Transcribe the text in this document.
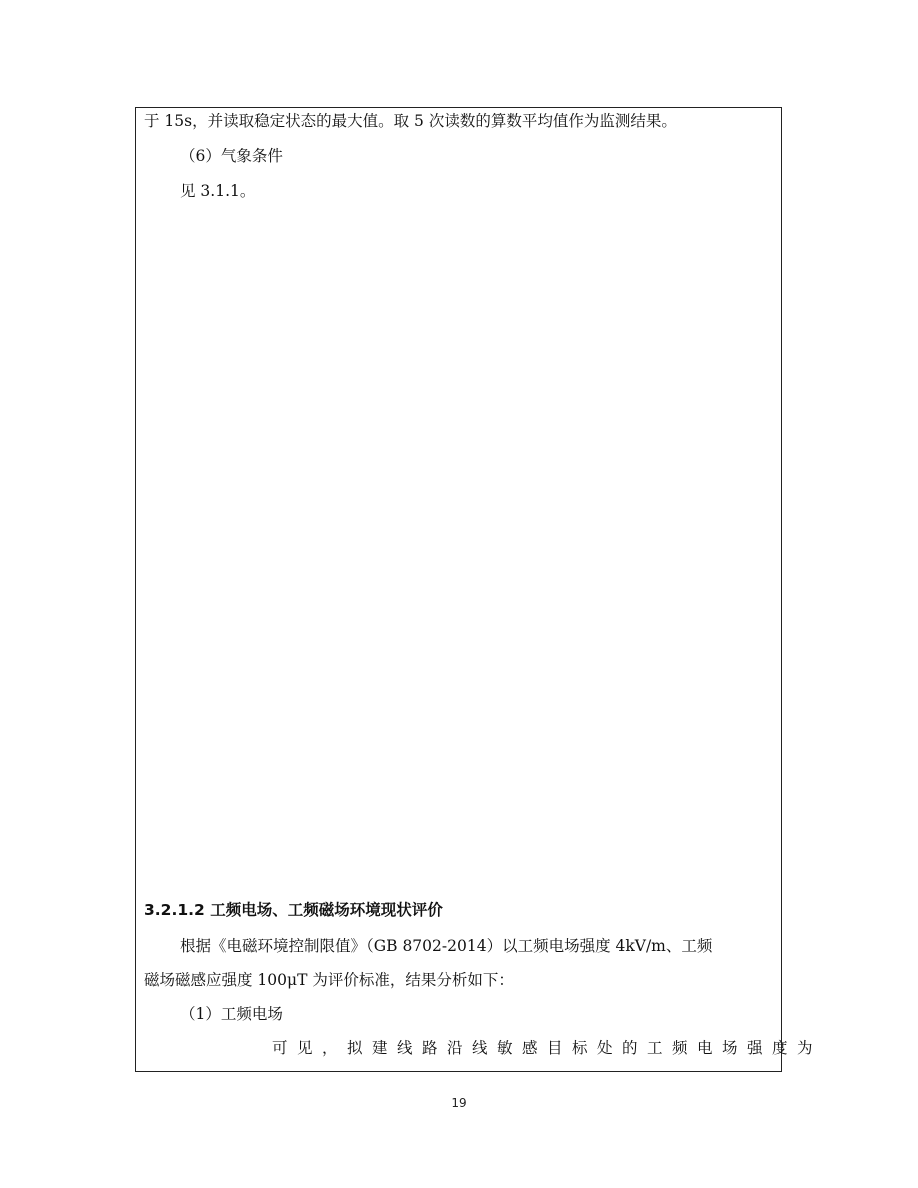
于 15s，并读取稳定状态的最大值。取 5 次读数的算数平均值作为监测结果。
（6）气象条件
见 3.1.1。
3.2.1.2 工频电场、工频磁场环境现状评价
根据《电磁环境控制限值》（GB 8702-2014）以工频电场强度 4kV/m、工频
磁场磁感应强度 100μT 为评价标准，结果分析如下：
（1）工频电场
可见，拟建线路沿线敏感目标处的工频电场强度为
19
